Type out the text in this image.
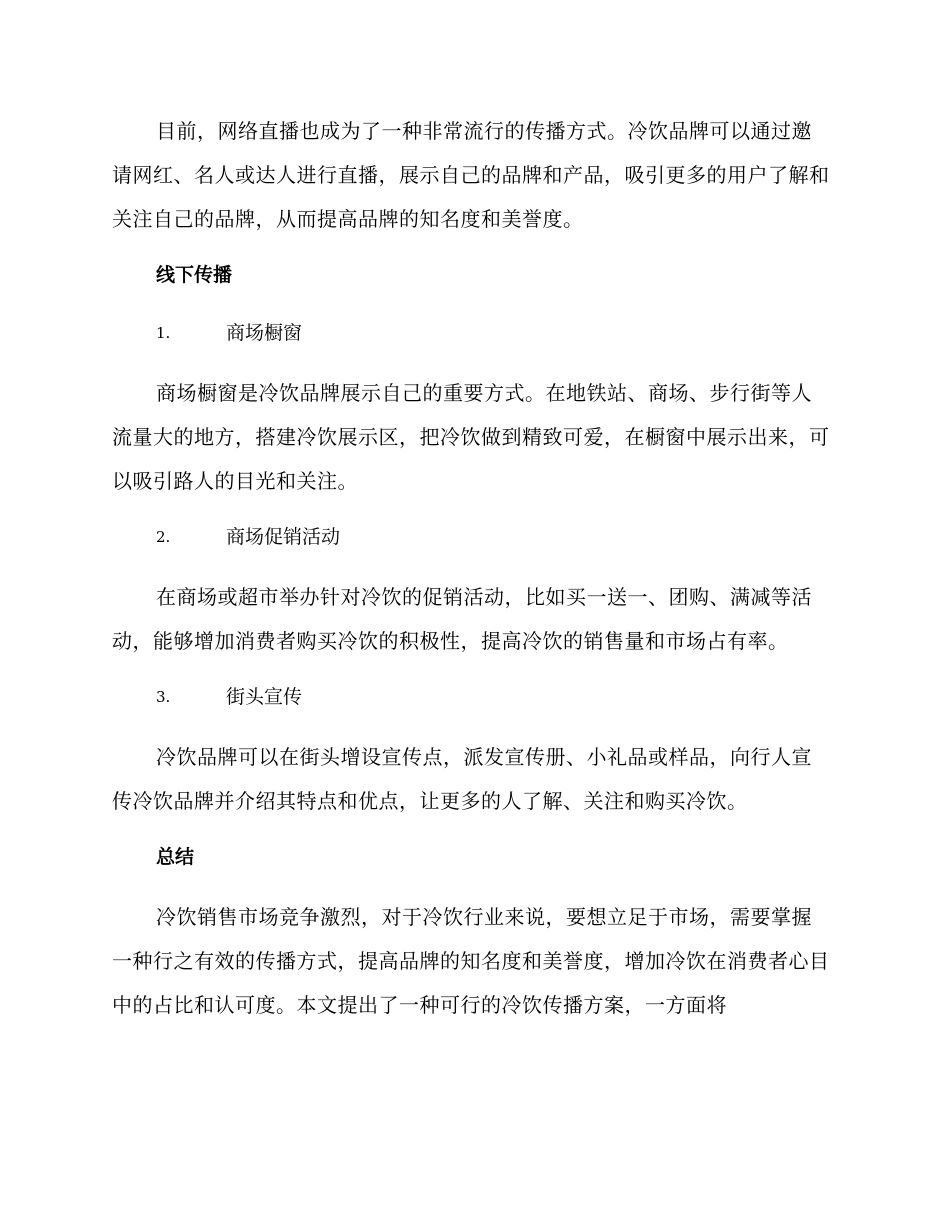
目前，网络直播也成为了一种非常流行的传播方式。冷饮品牌可以通过邀请网红、名人或达人进行直播，展示自己的品牌和产品，吸引更多的用户了解和关注自己的品牌，从而提高品牌的知名度和美誉度。

线下传播
1.	商场橱窗

商场橱窗是冷饮品牌展示自己的重要方式。在地铁站、商场、步行街等人流量大的地方，搭建冷饮展示区，把冷饮做到精致可爱，在橱窗中展示出来，可以吸引路人的目光和关注。

2.	商场促销活动

在商场或超市举办针对冷饮的促销活动，比如买一送一、团购、满减等活动，能够增加消费者购买冷饮的积极性，提高冷饮的销售量和市场占有率。

3.	街头宣传

冷饮品牌可以在街头增设宣传点，派发宣传册、小礼品或样品，向行人宣传冷饮品牌并介绍其特点和优点，让更多的人了解、关注和购买冷饮。

总结

冷饮销售市场竞争激烈，对于冷饮行业来说，要想立足于市场，需要掌握一种行之有效的传播方式，提高品牌的知名度和美誉度，增加冷饮在消费者心目中的占比和认可度。本文提出了一种可行的冷饮传播方案，一方面将
